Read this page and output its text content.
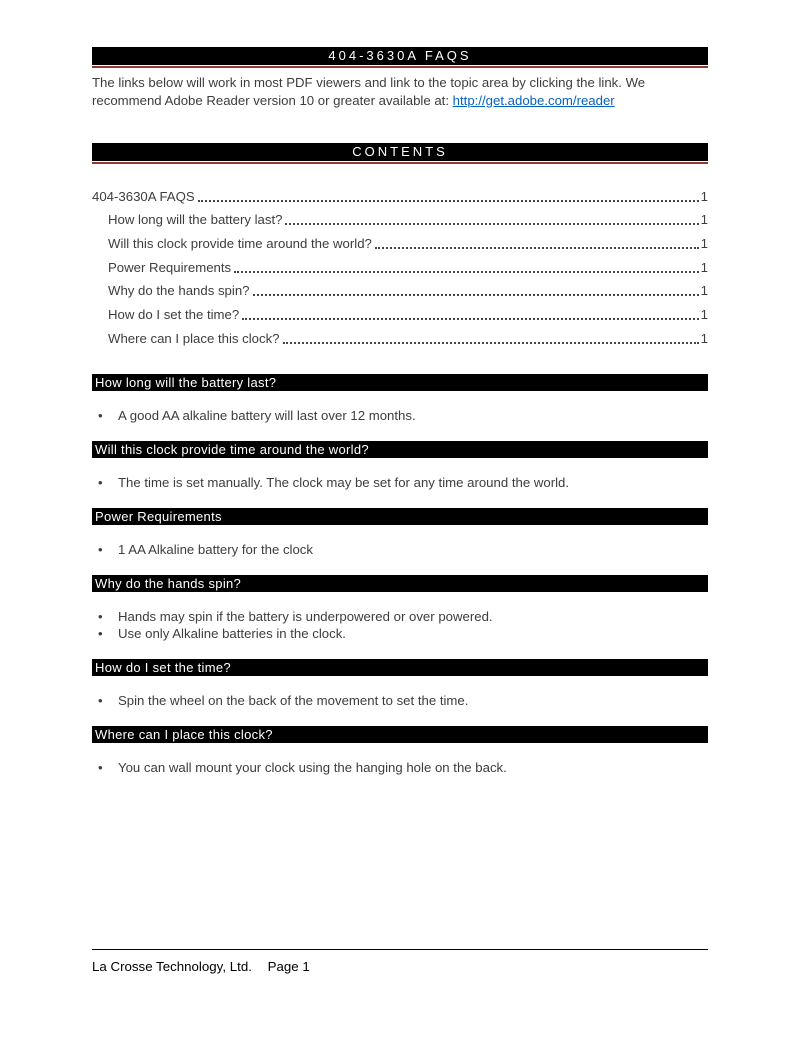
404-3630A FAQS

The links below will work in most PDF viewers and link to the topic area by clicking the link. We
recommend Adobe Reader version 10 or greater available at: http://get.adobe.com/reader

CONTENTS
404-3630A FAQS	1
How long will the battery last?	1
Will this clock provide time around the world?	1
Power Requirements	1
Why do the hands spin?	1
How do I set the time?	1
Where can I place this clock?	1
How long will the battery last?
• A good AA alkaline battery will last over 12 months.
Will this clock provide time around the world?
• The time is set manually. The clock may be set for any time around the world.
Power Requirements
• 1 AA Alkaline battery for the clock
Why do the hands spin?
• Hands may spin if the battery is underpowered or over powered.
• Use only Alkaline batteries in the clock.
How do I set the time?
• Spin the wheel on the back of the movement to set the time.
Where can I place this clock?
• You can wall mount your clock using the hanging hole on the back.
La Crosse Technology, Ltd. Page 1
